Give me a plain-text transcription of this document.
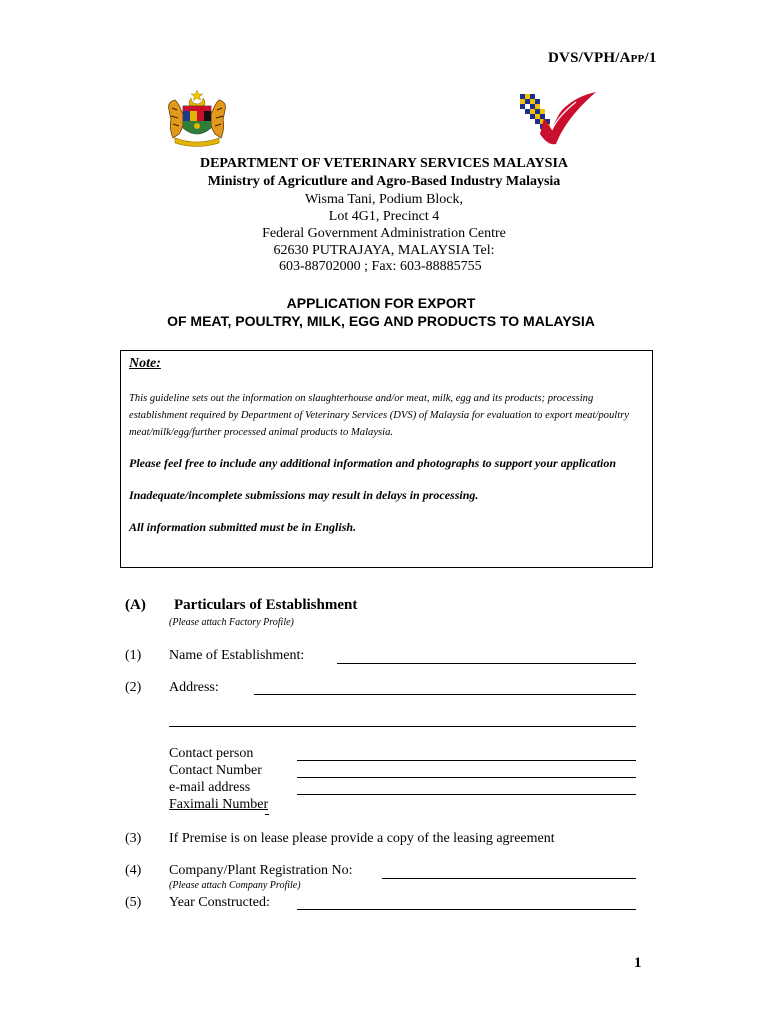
DVS/VPH/APP/1
DEPARTMENT OF VETERINARY SERVICES MALAYSIA
Ministry of Agricutlure and Agro-Based Industry Malaysia
Wisma Tani, Podium Block,
Lot 4G1, Precinct 4
Federal Government Administration Centre
62630 PUTRAJAYA, MALAYSIA Tel:
603-88702000 ; Fax: 603-88885755
APPLICATION FOR EXPORT
OF MEAT, POULTRY, MILK, EGG AND PRODUCTS TO MALAYSIA
Note:
This guideline sets out the information on slaughterhouse and/or meat, milk, egg and its products; processing establishment required by Department of Veterinary Services (DVS) of Malaysia for evaluation to export meat/poultry meat/milk/egg/further processed animal products to Malaysia.
Please feel free to include any additional information and photographs to support your application
Inadequate/incomplete submissions may result in delays in processing.
All information submitted must be in English.
(A) Particulars of Establishment
(Please attach Factory Profile)
(1) Name of Establishment:
(2) Address:
Contact person
Contact Number
e-mail address
Faximali Number
(3) If Premise is on lease please provide a copy of the leasing agreement
(4) Company/Plant Registration No:
(Please attach Company Profile)
(5) Year Constructed:
1
